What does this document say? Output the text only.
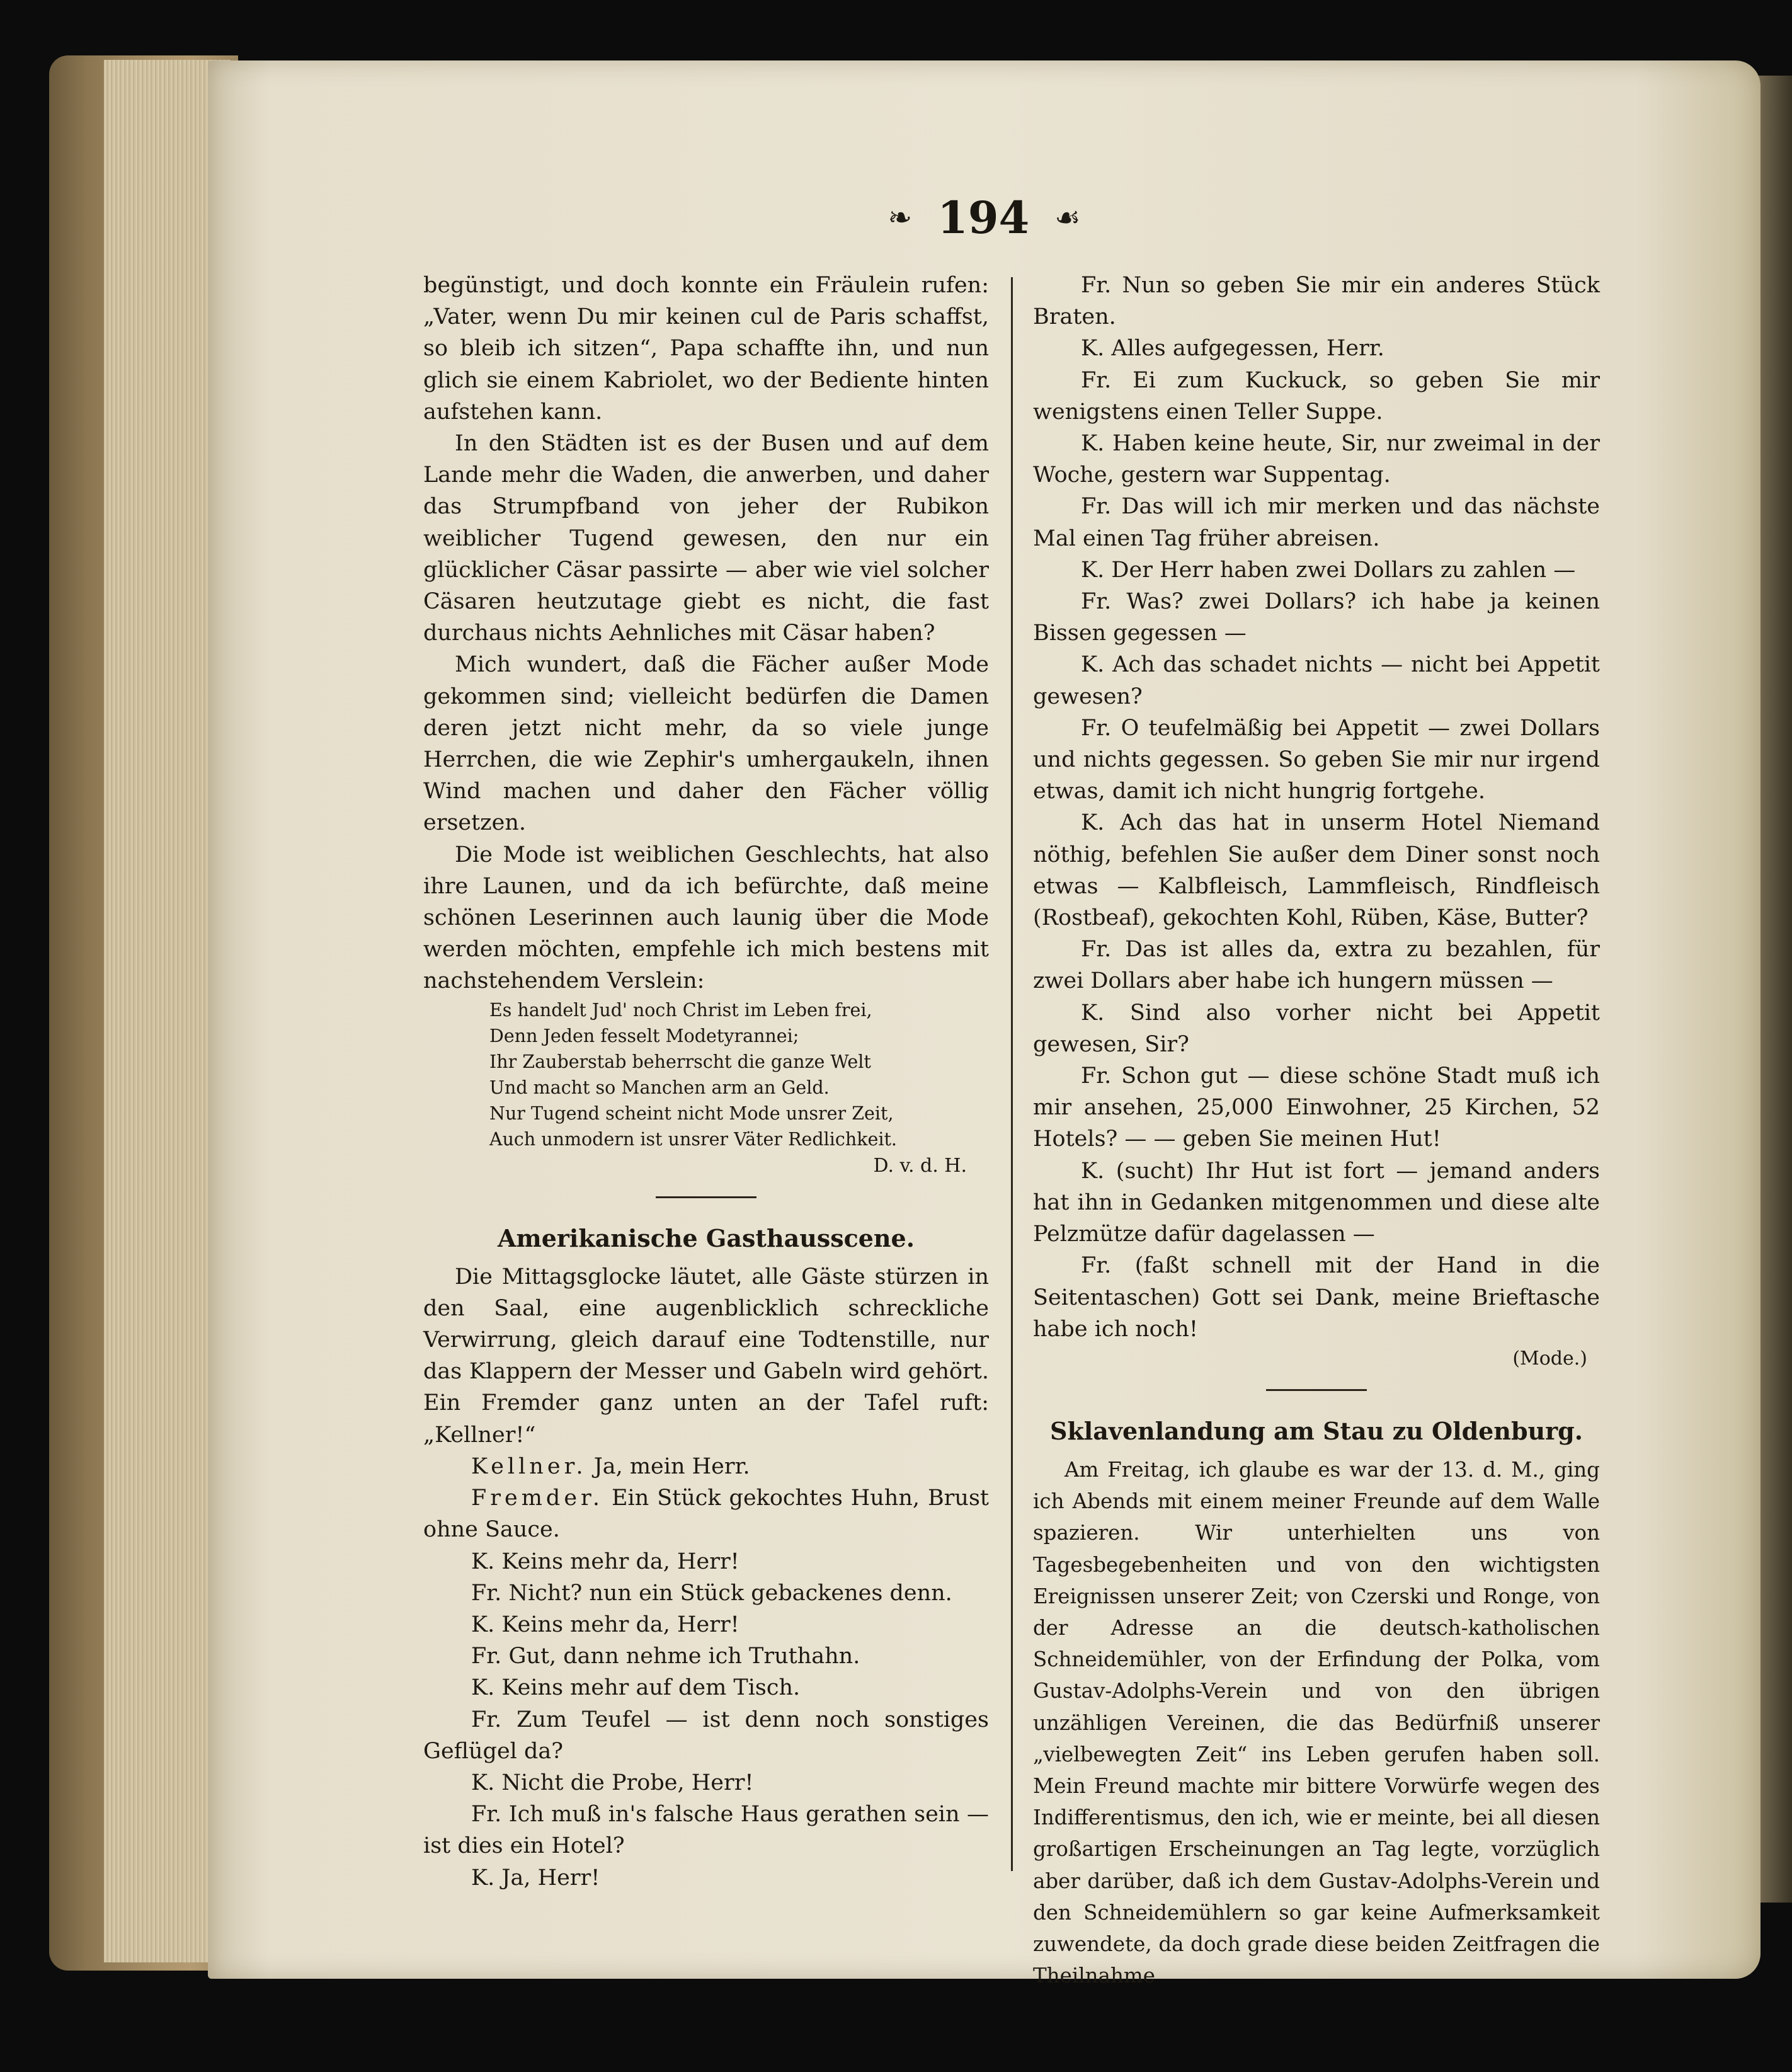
❧ 194 ☙

begünstigt, und doch konnte ein Fräulein rufen: „Vater, wenn Du mir keinen cul de Paris schaffst, so bleib ich sitzen“, Papa schaffte ihn, und nun glich sie einem Kabriolet, wo der Bediente hinten aufstehen kann.

In den Städten ist es der Busen und auf dem Lande mehr die Waden, die anwerben, und daher das Strumpfband von jeher der Rubikon weiblicher Tugend gewesen, den nur ein glücklicher Cäsar passirte — aber wie viel solcher Cäsaren heutzutage giebt es nicht, die fast durchaus nichts Aehnliches mit Cäsar haben?

Mich wundert, daß die Fächer außer Mode gekommen sind; vielleicht bedürfen die Damen deren jetzt nicht mehr, da so viele junge Herrchen, die wie Zephir's umhergaukeln, ihnen Wind machen und daher den Fächer völlig ersetzen.

Die Mode ist weiblichen Geschlechts, hat also ihre Launen, und da ich befürchte, daß meine schönen Leserinnen auch launig über die Mode werden möchten, empfehle ich mich bestens mit nachstehendem Verslein:

Es handelt Jud' noch Christ im Leben frei,
Denn Jeden fesselt Modetyrannei;
Ihr Zauberstab beherrscht die ganze Welt
Und macht so Manchen arm an Geld.
Nur Tugend scheint nicht Mode unsrer Zeit,
Auch unmodern ist unsrer Väter Redlichkeit.
D. v. d. H.
Amerikanische Gasthausscene.

Die Mittagsglocke läutet, alle Gäste stürzen in den Saal, eine augenblicklich schreckliche Verwirrung, gleich darauf eine Todtenstille, nur das Klappern der Messer und Gabeln wird gehört. Ein Fremder ganz unten an der Tafel ruft: „Kellner!“

Kellner. Ja, mein Herr.

Fremder. Ein Stück gekochtes Huhn, Brust ohne Sauce.

K. Keins mehr da, Herr!

Fr. Nicht? nun ein Stück gebackenes denn.

K. Keins mehr da, Herr!

Fr. Gut, dann nehme ich Truthahn.

K. Keins mehr auf dem Tisch.

Fr. Zum Teufel — ist denn noch sonstiges Geflügel da?

K. Nicht die Probe, Herr!

Fr. Ich muß in's falsche Haus gerathen sein — ist dies ein Hotel?

K. Ja, Herr!

Fr. Nun so geben Sie mir ein anderes Stück Braten.

K. Alles aufgegessen, Herr.

Fr. Ei zum Kuckuck, so geben Sie mir wenigstens einen Teller Suppe.

K. Haben keine heute, Sir, nur zweimal in der Woche, gestern war Suppentag.

Fr. Das will ich mir merken und das nächste Mal einen Tag früher abreisen.

K. Der Herr haben zwei Dollars zu zahlen —

Fr. Was? zwei Dollars? ich habe ja keinen Bissen gegessen —

K. Ach das schadet nichts — nicht bei Appetit gewesen?

Fr. O teufelmäßig bei Appetit — zwei Dollars und nichts gegessen. So geben Sie mir nur irgend etwas, damit ich nicht hungrig fortgehe.

K. Ach das hat in unserm Hotel Niemand nöthig, befehlen Sie außer dem Diner sonst noch etwas — Kalbfleisch, Lammfleisch, Rindfleisch (Rostbeaf), gekochten Kohl, Rüben, Käse, Butter?

Fr. Das ist alles da, extra zu bezahlen, für zwei Dollars aber habe ich hungern müssen —

K. Sind also vorher nicht bei Appetit gewesen, Sir?

Fr. Schon gut — diese schöne Stadt muß ich mir ansehen, 25,000 Einwohner, 25 Kirchen, 52 Hotels? — — geben Sie meinen Hut!

K. (sucht) Ihr Hut ist fort — jemand anders hat ihn in Gedanken mitgenommen und diese alte Pelzmütze dafür dagelassen —

Fr. (faßt schnell mit der Hand in die Seitentaschen) Gott sei Dank, meine Brieftasche habe ich noch!

(Mode.)
Sklavenlandung am Stau zu Oldenburg.

Am Freitag, ich glaube es war der 13. d. M., ging ich Abends mit einem meiner Freunde auf dem Walle spazieren. Wir unterhielten uns von Tagesbegebenheiten und von den wichtigsten Ereignissen unserer Zeit; von Czerski und Ronge, von der Adresse an die deutsch-katholischen Schneidemühler, von der Erfindung der Polka, vom Gustav-Adolphs-Verein und von den übrigen unzähligen Vereinen, die das Bedürfniß unserer „vielbewegten Zeit“ ins Leben gerufen haben soll. Mein Freund machte mir bittere Vorwürfe wegen des Indifferentismus, den ich, wie er meinte, bei all diesen großartigen Erscheinungen an Tag legte, vorzüglich aber darüber, daß ich dem Gustav-Adolphs-Verein und den Schneidemühlern so gar keine Aufmerksamkeit zuwendete, da doch grade diese beiden Zeitfragen die Theilnahme
